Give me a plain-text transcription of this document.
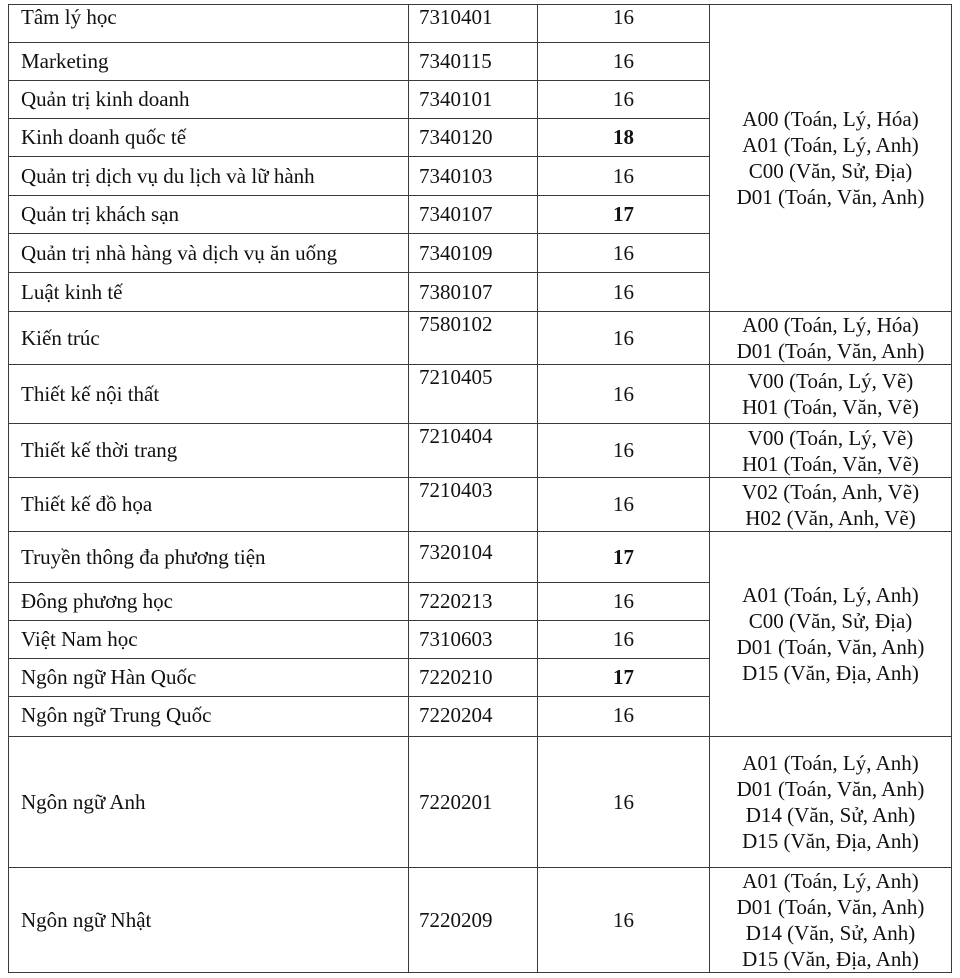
Tâm lý học	7310401	16	A00 (Toán, Lý, Hóa)
A01 (Toán, Lý, Anh)
C00 (Văn, Sử, Địa)
D01 (Toán, Văn, Anh)

Marketing	7340115	16	
Quản trị kinh doanh	7340101	16	
Kinh doanh quốc tế	7340120	18	
Quản trị dịch vụ du lịch và lữ hành	7340103	16	
Quản trị khách sạn	7340107	17	
Quản trị nhà hàng và dịch vụ ăn uống	7340109	16	
Luật kinh tế	7380107	16	
Kiến trúc	7580102	16	A00 (Toán, Lý, Hóa)
D01 (Toán, Văn, Anh)

Thiết kế nội thất	7210405	16	V00 (Toán, Lý, Vẽ)
H01 (Toán, Văn, Vẽ)

Thiết kế thời trang	7210404	16	V00 (Toán, Lý, Vẽ)
H01 (Toán, Văn, Vẽ)

Thiết kế đồ họa	7210403	16	V02 (Toán, Anh, Vẽ)
H02 (Văn, Anh, Vẽ)

Truyền thông đa phương tiện	7320104	17	A01 (Toán, Lý, Anh)
C00 (Văn, Sử, Địa)
D01 (Toán, Văn, Anh)
D15 (Văn, Địa, Anh)

Đông phương học	7220213	16	
Việt Nam học	7310603	16	
Ngôn ngữ Hàn Quốc	7220210	17	
Ngôn ngữ Trung Quốc	7220204	16	
Ngôn ngữ Anh	7220201	16	A01 (Toán, Lý, Anh)
D01 (Toán, Văn, Anh)
D14 (Văn, Sử, Anh)
D15 (Văn, Địa, Anh)

Ngôn ngữ Nhật	7220209	16	A01 (Toán, Lý, Anh)
D01 (Toán, Văn, Anh)
D14 (Văn, Sử, Anh)
D15 (Văn, Địa, Anh)
